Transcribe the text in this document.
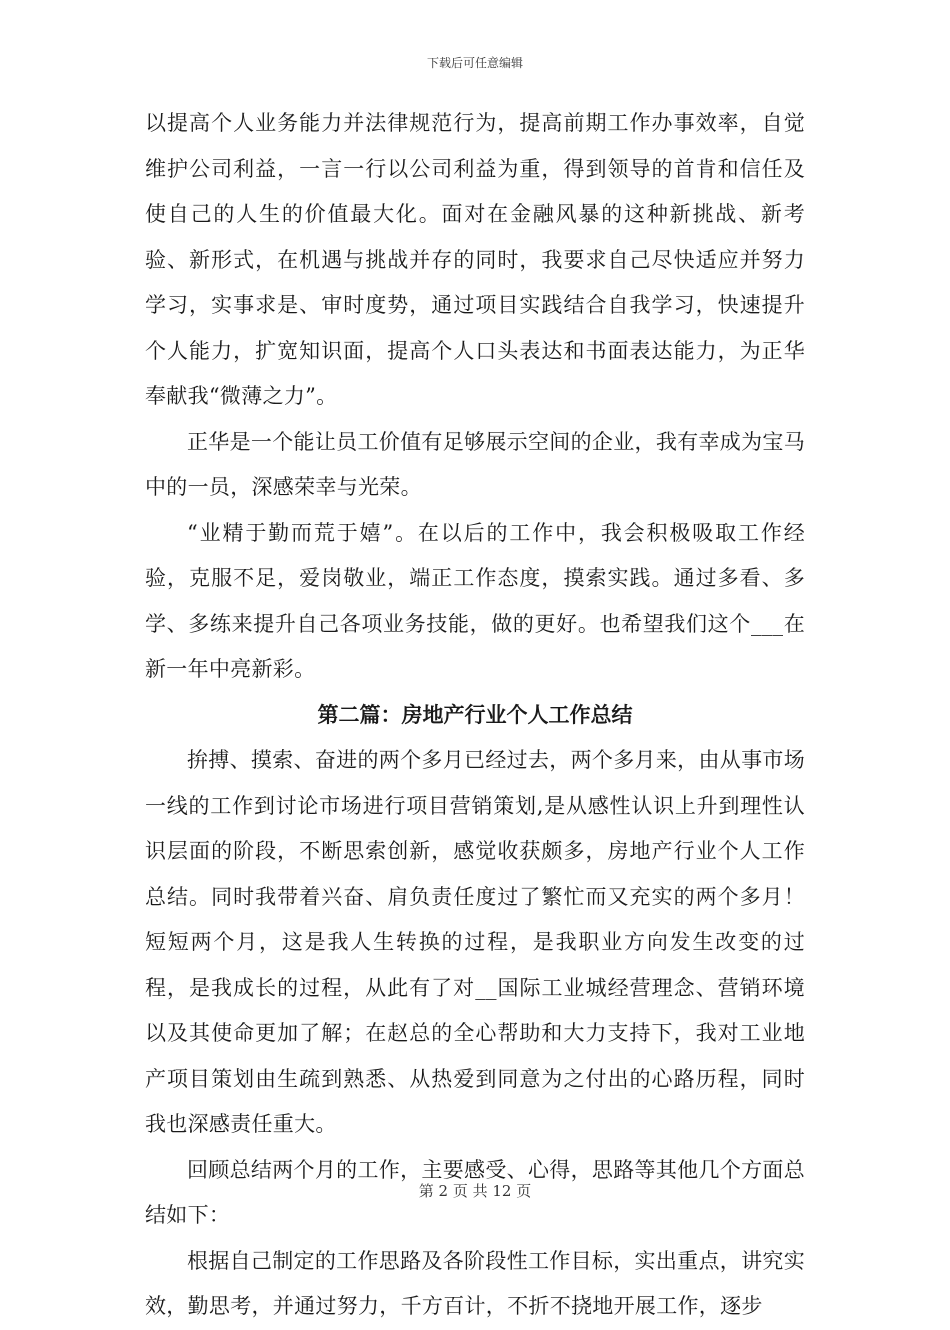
下载后可任意编辑

以提高个人业务能力并法律规范行为，提高前期工作办事效率，自觉维护公司利益，一言一行以公司利益为重，得到领导的首肯和信任及使自己的人生的价值最大化。面对在金融风暴的这种新挑战、新考验、新形式，在机遇与挑战并存的同时，我要求自己尽快适应并努力学习，实事求是、审时度势，通过项目实践结合自我学习，快速提升个人能力，扩宽知识面，提高个人口头表达和书面表达能力，为正华奉献我“微薄之力”。

正华是一个能让员工价值有足够展示空间的企业，我有幸成为宝马中的一员，深感荣幸与光荣。

“业精于勤而荒于嬉”。在以后的工作中，我会积极吸取工作经验，克服不足，爱岗敬业，端正工作态度，摸索实践。通过多看、多学、多练来提升自己各项业务技能，做的更好。也希望我们这个___在新一年中亮新彩。

第二篇：房地产行业个人工作总结

拚搏、摸索、奋进的两个多月已经过去，两个多月来，由从事市场一线的工作到讨论市场进行项目营销策划,是从感性认识上升到理性认识层面的阶段，不断思索创新，感觉收获颇多，房地产行业个人工作总结。同时我带着兴奋、肩负责任度过了繁忙而又充实的两个多月！短短两个月，这是我人生转换的过程，是我职业方向发生改变的过程，是我成长的过程，从此有了对__国际工业城经营理念、营销环境以及其使命更加了解；在赵总的全心帮助和大力支持下，我对工业地产项目策划由生疏到熟悉、从热爱到同意为之付出的心路历程，同时我也深感责任重大。

回顾总结两个月的工作，主要感受、心得，思路等其他几个方面总结如下：

根据自己制定的工作思路及各阶段性工作目标，实出重点，讲究实效，勤思考，并通过努力，千方百计，不折不挠地开展工作，逐步

第 2 页 共 12 页
